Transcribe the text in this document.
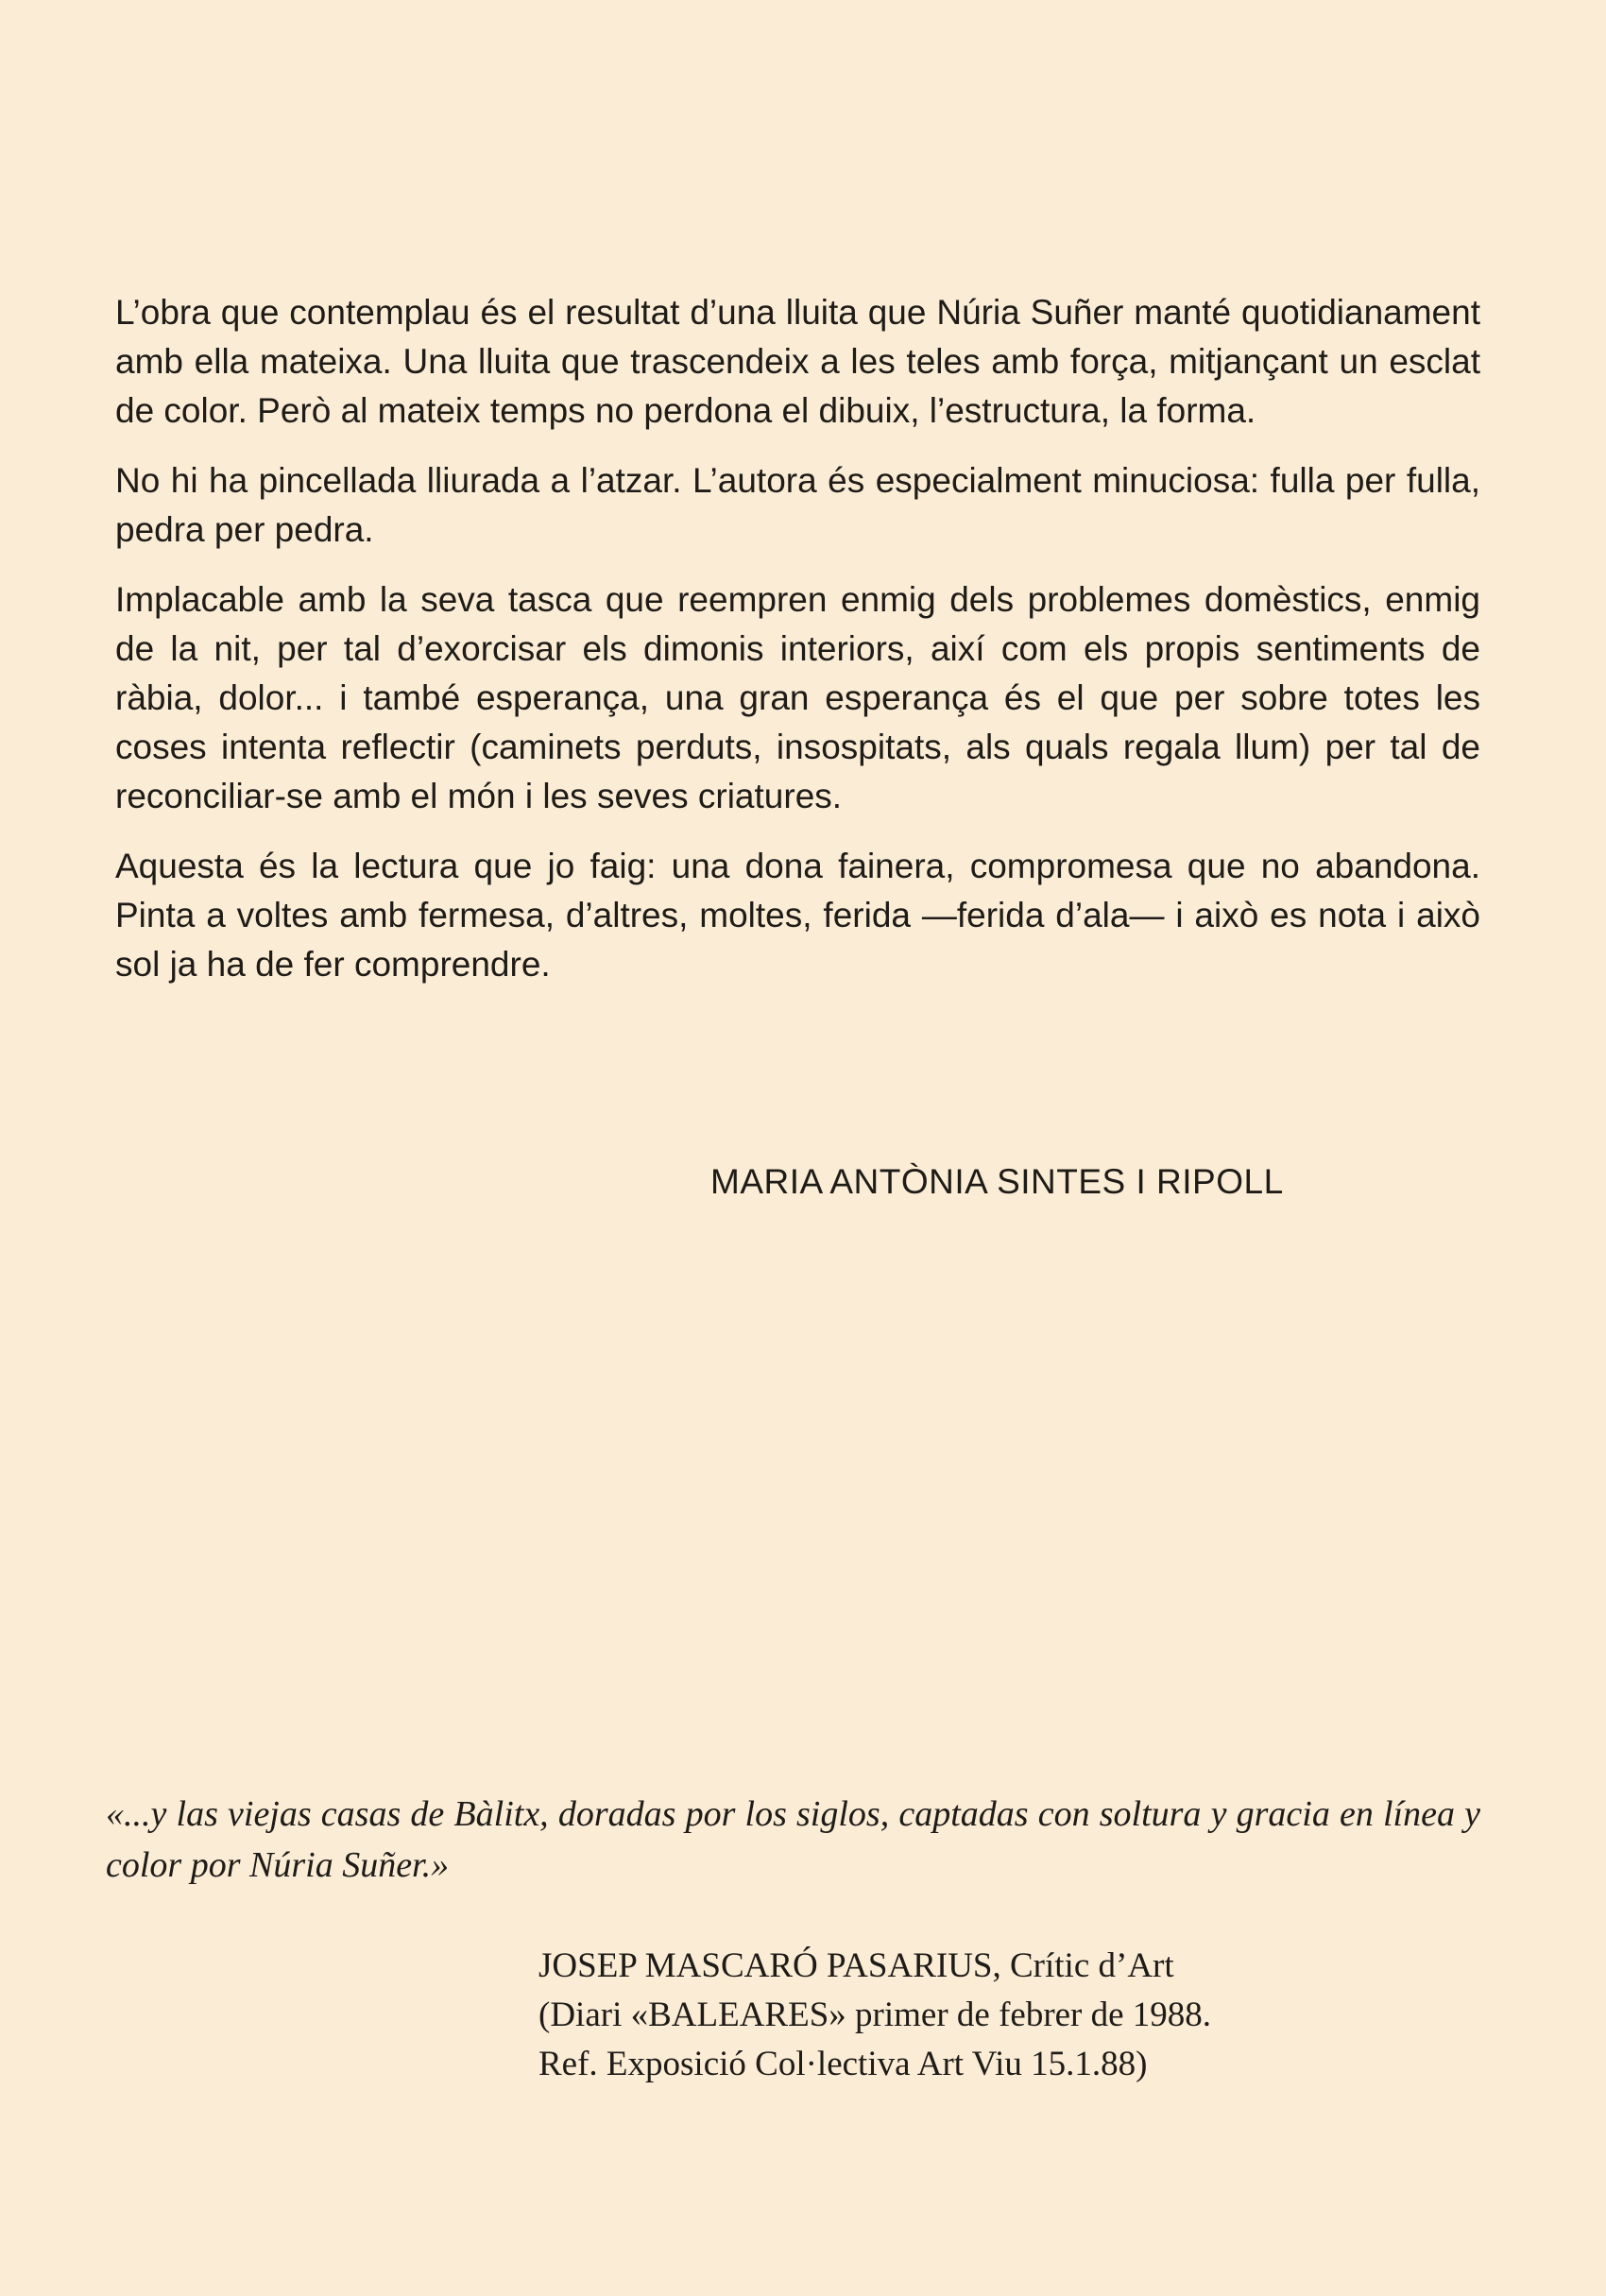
L’obra que contemplau és el resultat d’una lluita que Núria Suñer manté quotidianament amb ella mateixa. Una lluita que trascendeix a les teles amb força, mitjançant un esclat de color. Però al mateix temps no perdona el dibuix, l’estructura, la forma.

No hi ha pincellada lliurada a l’atzar. L’autora és especialment minuciosa: fulla per fulla, pedra per pedra.

Implacable amb la seva tasca que reempren enmig dels problemes domèstics, enmig de la nit, per tal d’exorcisar els dimonis interiors, així com els propis sentiments de ràbia, dolor... i també esperança, una gran esperança és el que per sobre totes les coses intenta reflectir (caminets perduts, insospitats, als quals regala llum) per tal de reconciliar-se amb el món i les seves criatures.

Aquesta és la lectura que jo faig: una dona fainera, compromesa que no abandona. Pinta a voltes amb fermesa, d’altres, moltes, ferida —ferida d’ala— i això es nota i això sol ja ha de fer comprendre.

MARIA ANTÒNIA SINTES I RIPOLL

«...y las viejas casas de Bàlitx, doradas por los siglos, captadas con soltura y gracia en línea y color por Núria Suñer.»

JOSEP MASCARÓ PASARIUS, Crític d’Art
(Diari «BALEARES» primer de febrer de 1988.
Ref. Exposició Col·lectiva Art Viu 15.1.88)
